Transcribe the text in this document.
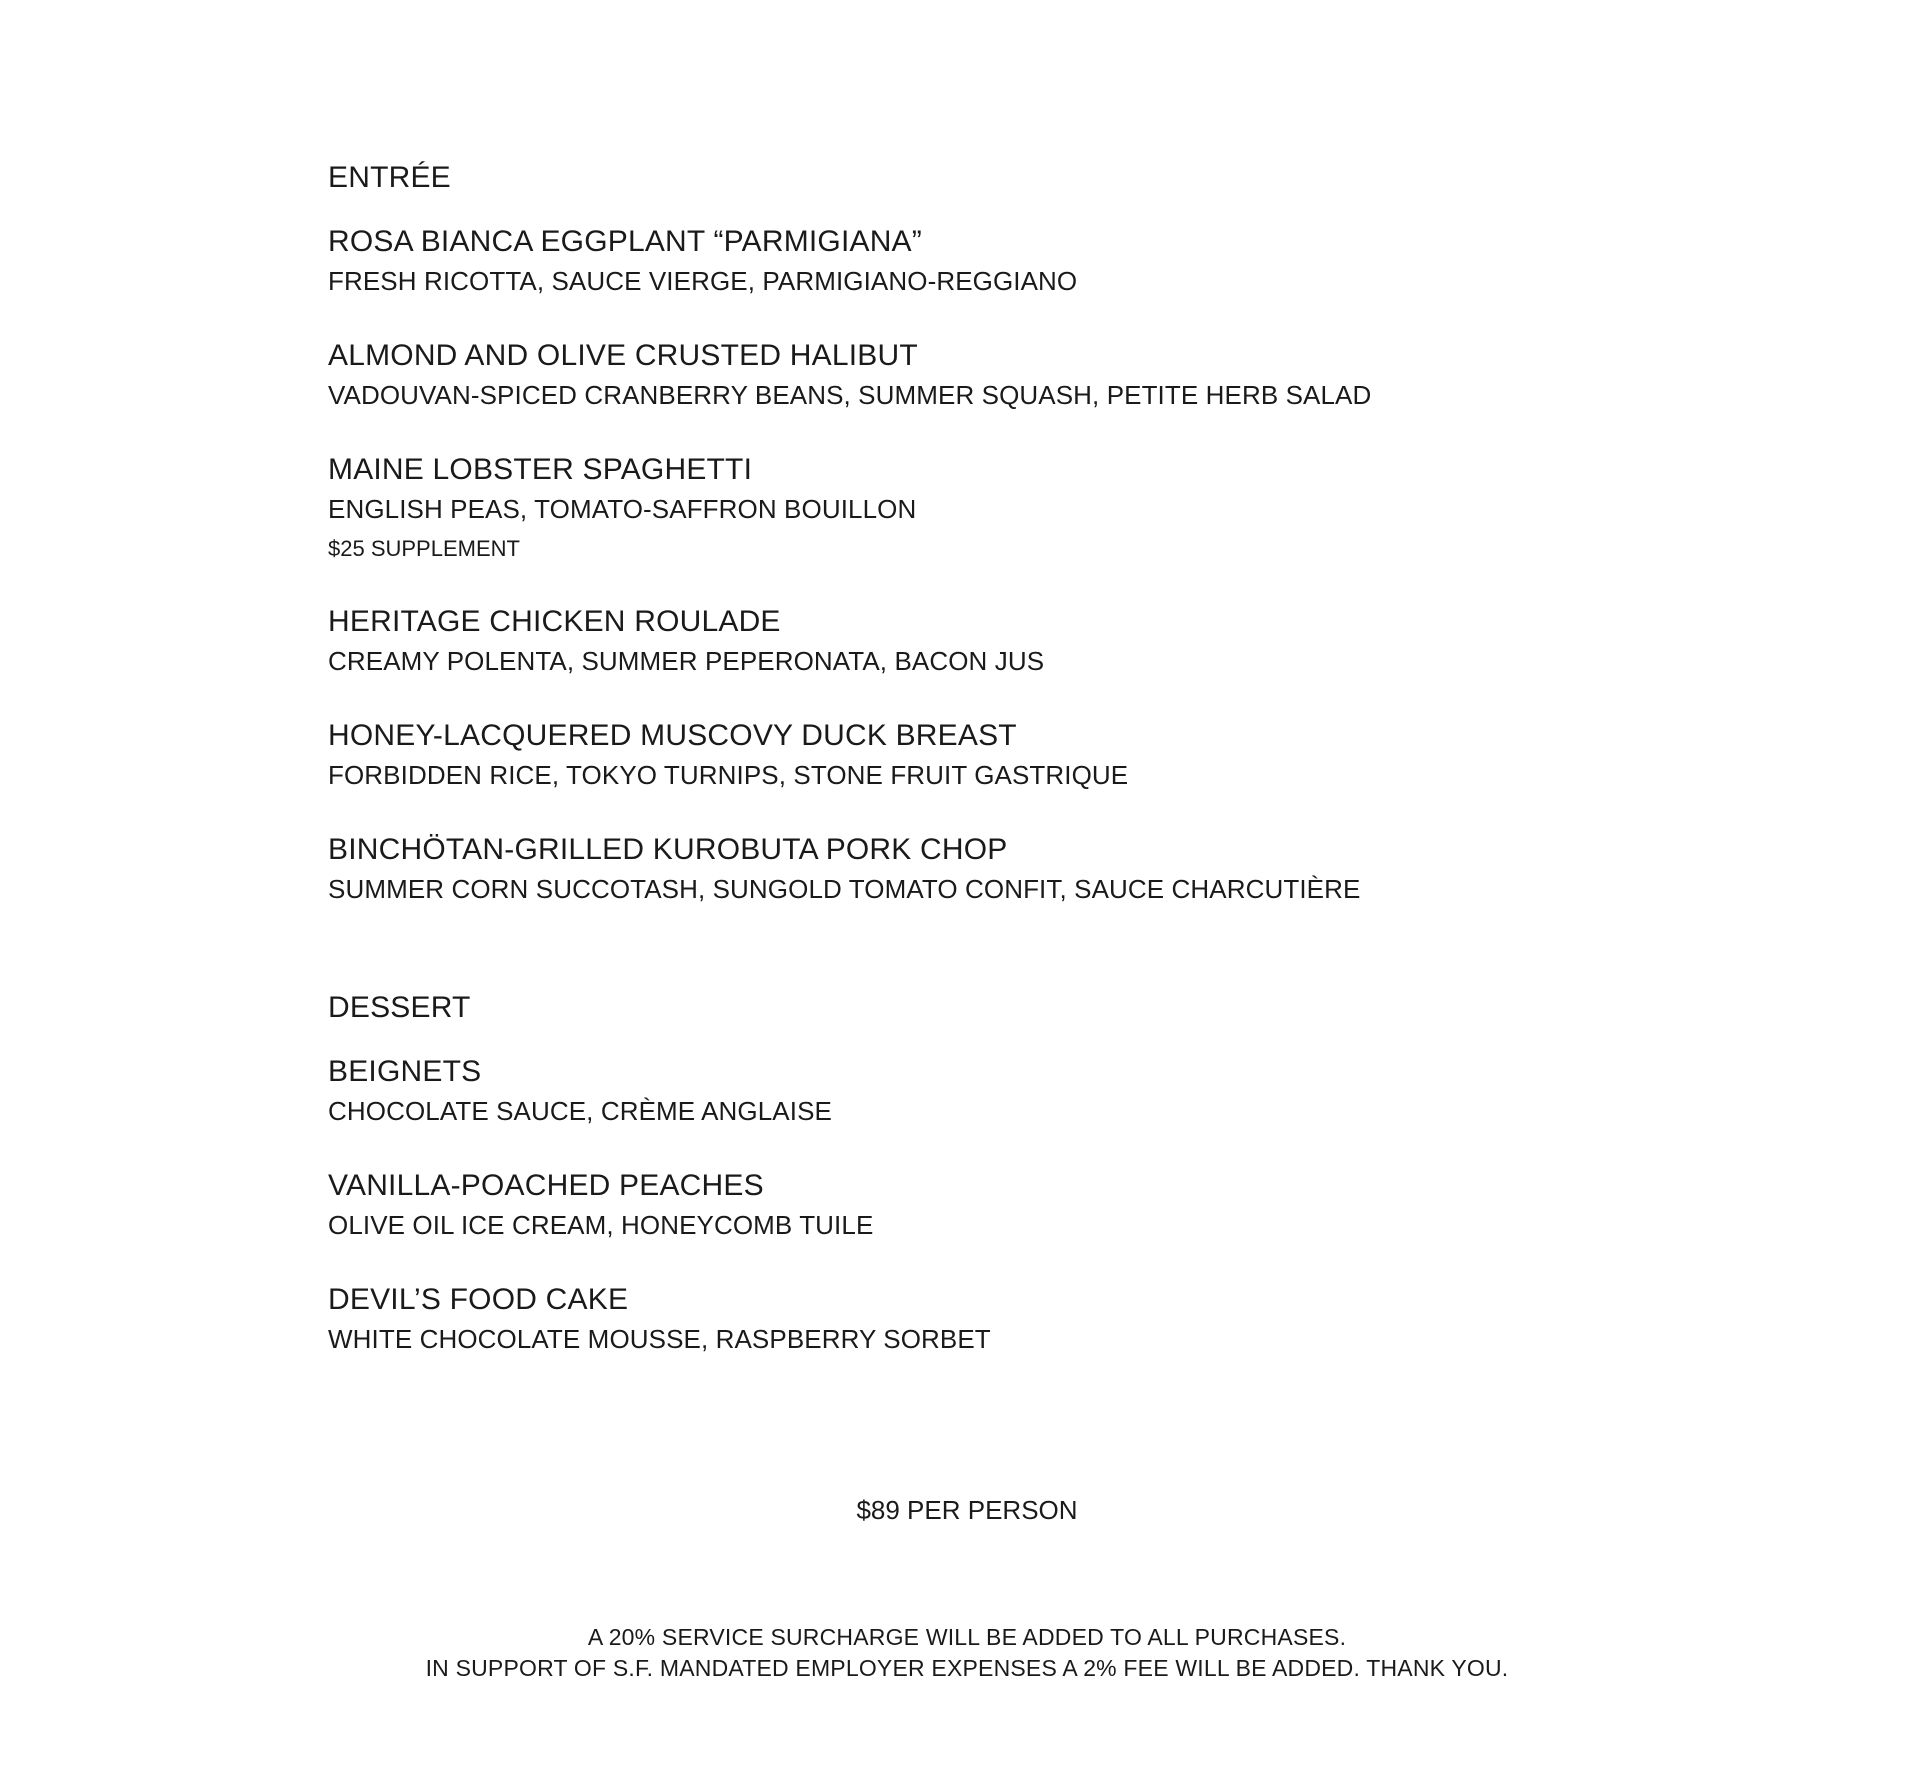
ENTRÉE
ROSA BIANCA EGGPLANT “PARMIGIANA”
FRESH RICOTTA, SAUCE VIERGE, PARMIGIANO-REGGIANO
ALMOND AND OLIVE CRUSTED HALIBUT
VADOUVAN-SPICED CRANBERRY BEANS, SUMMER SQUASH, PETITE HERB SALAD
MAINE LOBSTER SPAGHETTI
ENGLISH PEAS, TOMATO-SAFFRON BOUILLON
$25 SUPPLEMENT
HERITAGE CHICKEN ROULADE
CREAMY POLENTA, SUMMER PEPERONATA, BACON JUS
HONEY-LACQUERED MUSCOVY DUCK BREAST
FORBIDDEN RICE, TOKYO TURNIPS, STONE FRUIT GASTRIQUE
BINCHÖTAN-GRILLED KUROBUTA PORK CHOP
SUMMER CORN SUCCOTASH, SUNGOLD TOMATO CONFIT, SAUCE CHARCUTIÈRE
DESSERT
BEIGNETS
CHOCOLATE SAUCE, CRÈME ANGLAISE
VANILLA-POACHED PEACHES
OLIVE OIL ICE CREAM, HONEYCOMB TUILE
DEVIL’S FOOD CAKE
WHITE CHOCOLATE MOUSSE, RASPBERRY SORBET
$89 PER PERSON
A 20% SERVICE SURCHARGE WILL BE ADDED TO ALL PURCHASES.
IN SUPPORT OF S.F. MANDATED EMPLOYER EXPENSES A 2% FEE WILL BE ADDED. THANK YOU.
